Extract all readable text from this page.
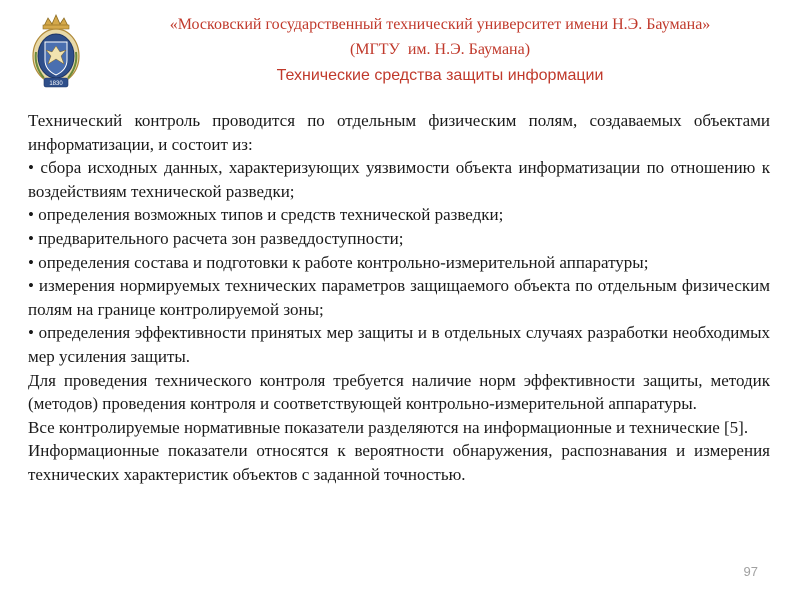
1830
«Московский государственный технический университет имени Н.Э. Баумана»
(МГТУ  им. Н.Э. Баумана)
Технические средства защиты информации

Технический контроль проводится по отдельным физическим полям, создаваемых объектами информатизации, и состоит из:

• сбора исходных данных, характеризующих уязвимости объекта информатизации по отношению к воздействиям технической разведки;

• определения возможных типов и средств технической разведки;

• предварительного расчета зон разведдоступности;

• определения состава и подготовки к работе контрольно-измерительной аппаратуры;

• измерения нормируемых технических параметров защищаемого объекта по отдельным физическим полям на границе контролируемой зоны;

• определения эффективности принятых мер защиты и в отдельных случаях разработки необходимых мер усиления защиты.

Для проведения технического контроля требуется наличие норм эффективности защиты, методик (методов) проведения контроля и соответствующей контрольно-измерительной аппаратуры.

Все контролируемые нормативные показатели разделяются на информационные и технические [5].

Информационные показатели относятся к вероятности обнаружения, распознавания и измерения технических характеристик объектов с заданной точностью.

97
